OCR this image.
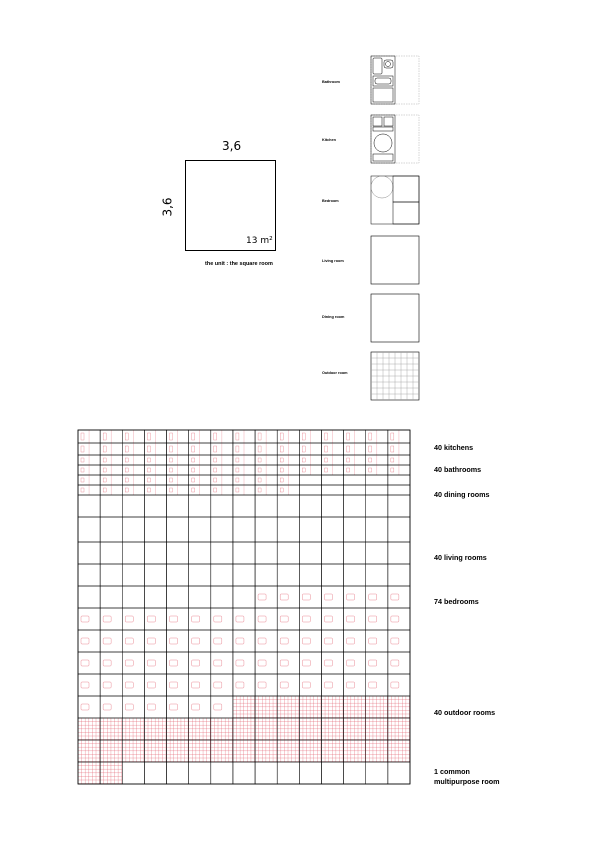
3,6
3,6
13 m²
the unit : the square room
Bathroom
Kitchen
Bedroom
Living room
Dining room
Outdoor room
40 kitchens
40 bathrooms
40 dining rooms
40 living rooms
74 bedrooms
40 outdoor rooms
1 common multipurpose room
